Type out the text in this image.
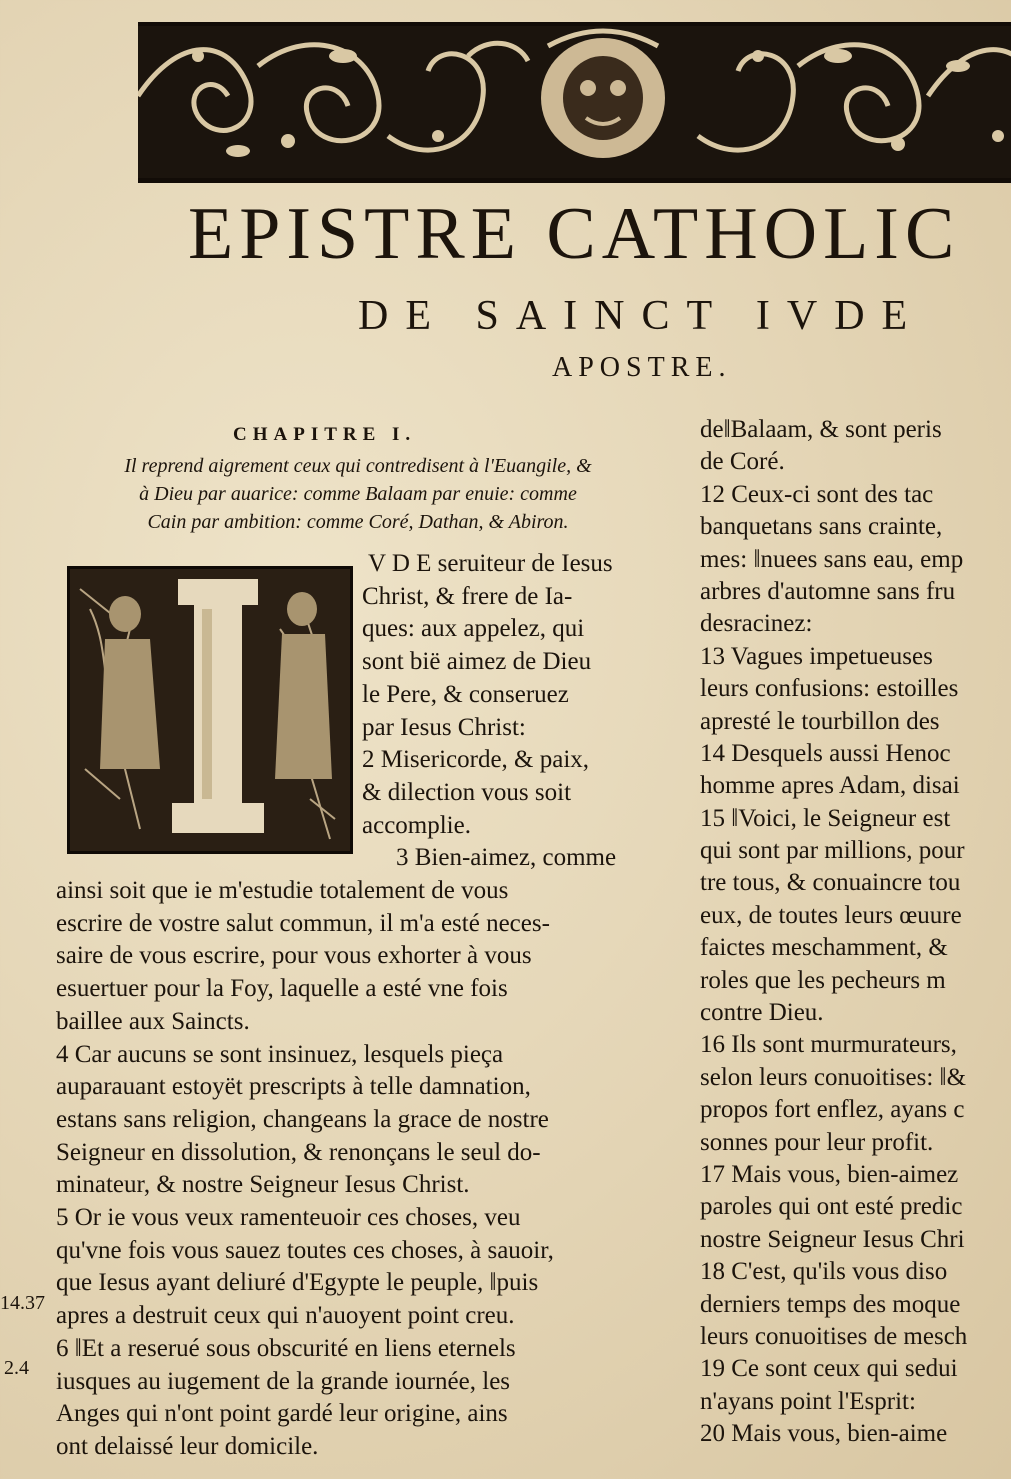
EPISTRE CATHOLIC
DE SAINCT IVDE
APOSTRE.
CHAPITRE I.
Il reprend aigrement ceux qui contredisent à l'Euangile, &
à Dieu par auarice: comme Balaam par enuie: comme
Cain par ambition: comme Coré, Dathan, & Abiron.

V D E seruiteur de Iesus

Christ, & frere de Ia-

ques: aux appelez, qui

sont bië aimez de Dieu

le Pere, & conseruez

par Iesus Christ:

2 Misericorde, & paix,

& dilection vous soit

accomplie.

3 Bien-aimez, comme

ainsi soit que ie m'estudie totalement de vous

escrire de vostre salut commun, il m'a esté neces-

saire de vous escrire, pour vous exhorter à vous

esuertuer pour la Foy, laquelle a esté vne fois

baillee aux Saincts.

4 Car aucuns se sont insinuez, lesquels pieça

auparauant estoyët prescripts à telle damnation,

estans sans religion, changeans la grace de nostre

Seigneur en dissolution, & renonçans le seul do-

minateur, & nostre Seigneur Iesus Christ.

5 Or ie vous veux ramenteuoir ces choses, veu

qu'vne fois vous sauez toutes ces choses, à sauoir,

que Iesus ayant deliuré d'Egypte le peuple, ‖puis

apres a destruit ceux qui n'auoyent point creu.

6 ‖Et a reserué sous obscurité en liens eternels

iusques au iugement de la grande iournée, les

Anges qui n'ont point gardé leur origine, ains

ont delaissé leur domicile.

14.37
2.4
de‖Balaam, & sont peris
de Coré.
12 Ceux-ci sont des tac
banquetans sans crainte,
mes: ‖nuees sans eau, emp
arbres d'automne sans fru
desracinez:
13 Vagues impetueuses
leurs confusions: estoilles
apresté le tourbillon des
14 Desquels aussi Henoc
homme apres Adam, disai
15 ‖Voici, le Seigneur est
qui sont par millions, pour
tre tous, & conuaincre tou
eux, de toutes leurs œuure
faictes meschamment, &
roles que les pecheurs m
contre Dieu.
16 Ils sont murmurateurs,
selon leurs conuoitises: ‖&
propos fort enflez, ayans c
sonnes pour leur profit.
17 Mais vous, bien-aimez
paroles qui ont esté predic
nostre Seigneur Iesus Chri
18 C'est, qu'ils vous diso
derniers temps des moque
leurs conuoitises de mesch
19 Ce sont ceux qui sedui
n'ayans point l'Esprit:
20 Mais vous, bien-aime
